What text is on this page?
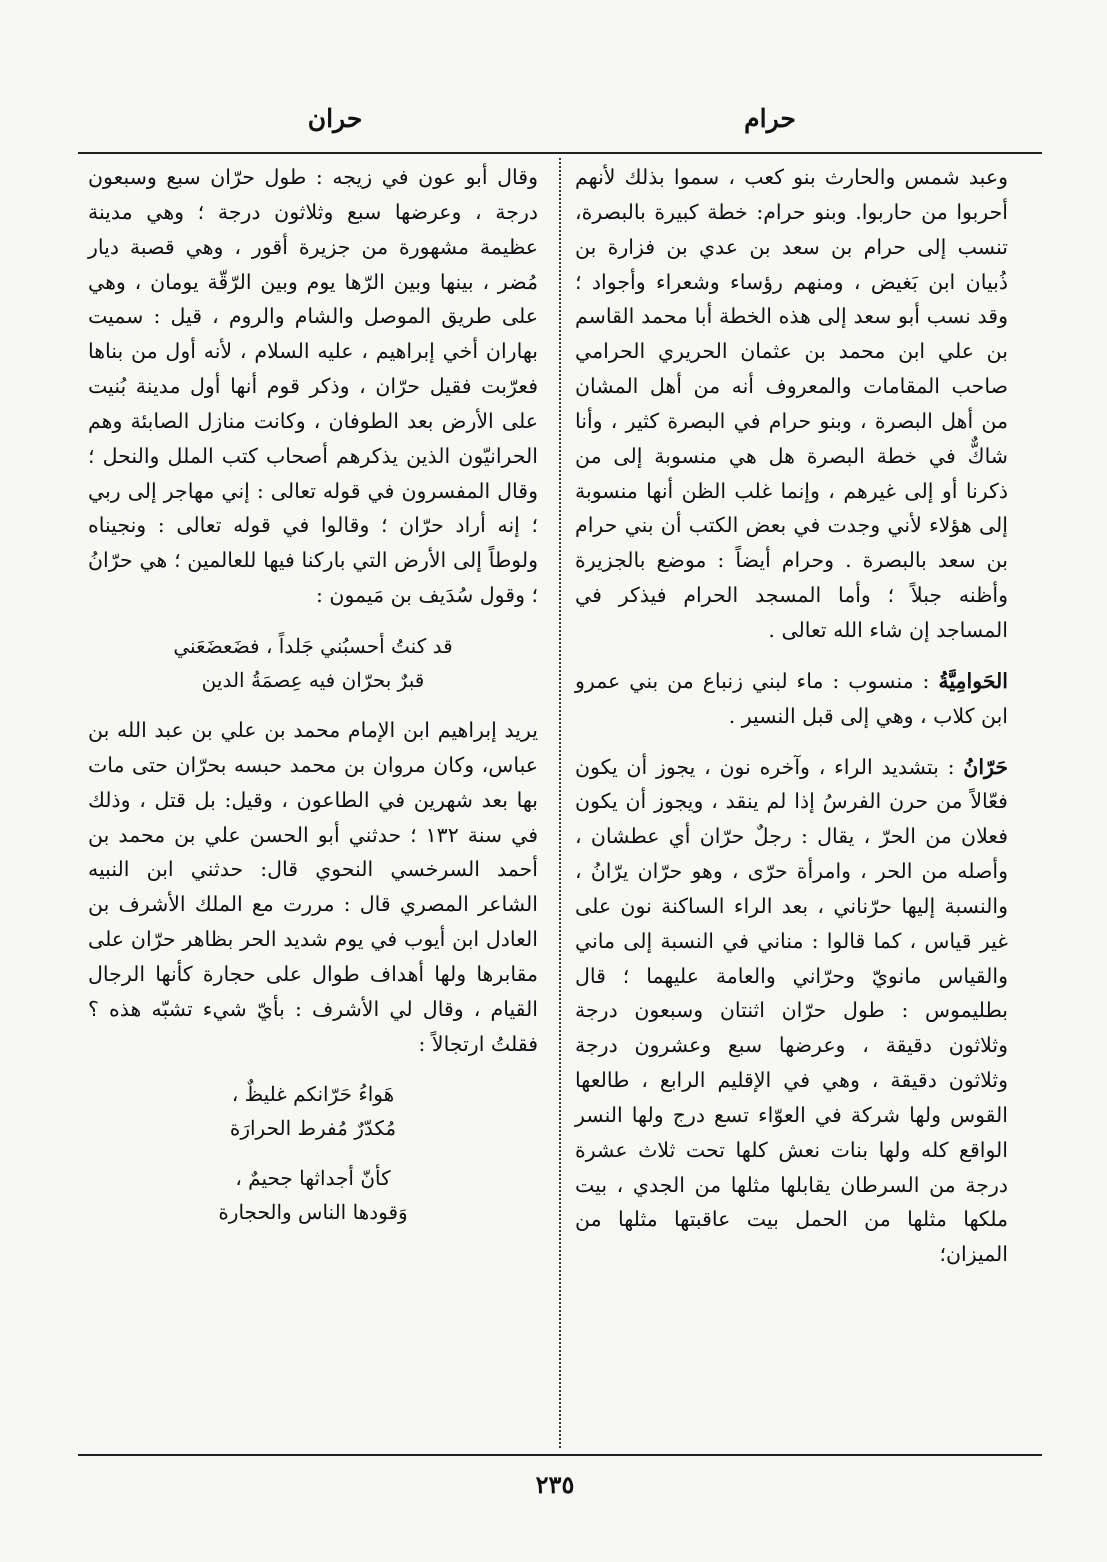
حرام
حران

وعبد شمس والحارث بنو كعب ، سموا بذلك لأنهم أحربوا من حاربوا. وبنو حرام: خطة كبيرة بالبصرة، تنسب إلى حرام بن سعد بن عدي بن فزارة بن ذُبيان ابن بَغيض ، ومنهم رؤساء وشعراء وأجواد ؛ وقد نسب أبو سعد إلى هذه الخطة أبا محمد القاسم بن علي ابن محمد بن عثمان الحريري الحرامي صاحب المقامات والمعروف أنه من أهل المشان من أهل البصرة ، وبنو حرام في البصرة كثير ، وأنا شاكٌّ في خطة البصرة هل هي منسوبة إلى من ذكرنا أو إلى غيرهم ، وإنما غلب الظن أنها منسوبة إلى هؤلاء لأني وجدت في بعض الكتب أن بني حرام بن سعد بالبصرة . وحرام أيضاً : موضع بالجزيرة وأظنه جبلاً ؛ وأما المسجد الحرام فيذكر في المساجد إن شاء الله تعالى .

الحَوامِيَّةُ : منسوب : ماء لبني زنباع من بني عمرو ابن كلاب ، وهي إلى قبل النسير .

حَرّانُ : بتشديد الراء ، وآخره نون ، يجوز أن يكون فعّالاً من حرن الفرسُ إذا لم ينقد ، ويجوز أن يكون فعلان من الحرّ ، يقال : رجلٌ حرّان أي عطشان ، وأصله من الحر ، وامرأة حرّى ، وهو حرّان يرّانُ ، والنسبة إليها حرّناني ، بعد الراء الساكنة نون على غير قياس ، كما قالوا : مناني في النسبة إلى ماني والقياس مانويّ وحرّاني والعامة عليهما ؛ قال بطليموس : طول حرّان اثنتان وسبعون درجة وثلاثون دقيقة ، وعرضها سبع وعشرون درجة وثلاثون دقيقة ، وهي في الإقليم الرابع ، طالعها القوس ولها شركة في العوّاء تسع درج ولها النسر الواقع كله ولها بنات نعش كلها تحت ثلاث عشرة درجة من السرطان يقابلها مثلها من الجدي ، بيت ملكها مثلها من الحمل بيت عاقبتها مثلها من الميزان؛

وقال أبو عون في زيجه : طول حرّان سبع وسبعون درجة ، وعرضها سبع وثلاثون درجة ؛ وهي مدينة عظيمة مشهورة من جزيرة أقور ، وهي قصبة ديار مُضر ، بينها وبين الرّها يوم وبين الرّقّة يومان ، وهي على طريق الموصل والشام والروم ، قيل : سميت بهاران أخي إبراهيم ، عليه السلام ، لأنه أول من بناها فعرّبت فقيل حرّان ، وذكر قوم أنها أول مدينة بُنيت على الأرض بعد الطوفان ، وكانت منازل الصابئة وهم الحرانيّون الذين يذكرهم أصحاب كتب الملل والنحل ؛ وقال المفسرون في قوله تعالى : إني مهاجر إلى ربي ؛ إنه أراد حرّان ؛ وقالوا في قوله تعالى : ونجيناه ولوطاً إلى الأرض التي باركنا فيها للعالمين ؛ هي حرّانُ ؛ وقول سُدَيف بن مَيمون :

قد كنتُ أحسبُني جَلداً ، فضَعضَعَني
قبرٌ بحرّان فيه عِصمَةُ الدين

يريد إبراهيم ابن الإمام محمد بن علي بن عبد الله بن عباس، وكان مروان بن محمد حبسه بحرّان حتى مات بها بعد شهرين في الطاعون ، وقيل: بل قتل ، وذلك في سنة ١٣٢ ؛ حدثني أبو الحسن علي بن محمد بن أحمد السرخسي النحوي قال: حدثني ابن النبيه الشاعر المصري قال : مررت مع الملك الأشرف بن العادل ابن أيوب في يوم شديد الحر بظاهر حرّان على مقابرها ولها أهداف طوال على حجارة كأنها الرجال القيام ، وقال لي الأشرف : بأيّ شيء تشبّه هذه ؟ فقلتُ ارتجالاً :

هَواءُ حَرّانكم غليظٌ ،
مُكدّرٌ مُفرط الحرارَة
كأنّ أجداثها جحيمٌ ،
وَقودها الناس والحجارة
٢٣٥
